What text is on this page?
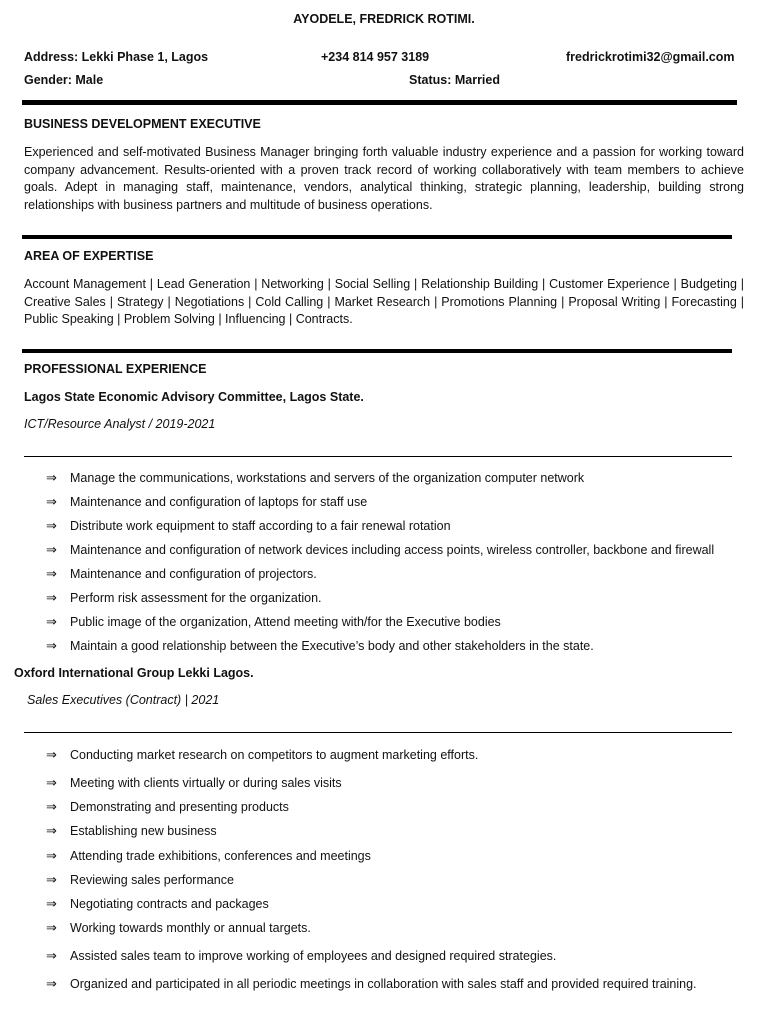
AYODELE, FREDRICK ROTIMI.
Address: Lekki Phase 1, Lagos	+234 814 957 3189	fredrickrotimi32@gmail.com
Gender: Male	Status: Married
BUSINESS DEVELOPMENT EXECUTIVE
Experienced and self-motivated Business Manager bringing forth valuable industry experience and a passion for working toward company advancement. Results-oriented with a proven track record of working collaboratively with team members to achieve goals. Adept in managing staff, maintenance, vendors, analytical thinking, strategic planning, leadership, building strong relationships with business partners and multitude of business operations.
AREA OF EXPERTISE
Account Management | Lead Generation | Networking | Social Selling | Relationship Building | Customer Experience | Budgeting | Creative Sales | Strategy | Negotiations | Cold Calling | Market Research | Promotions Planning | Proposal Writing | Forecasting | Public Speaking | Problem Solving | Influencing | Contracts.
PROFESSIONAL EXPERIENCE
Lagos State Economic Advisory Committee, Lagos State.
ICT/Resource Analyst / 2019-2021
⇒	Manage the communications, workstations and servers of the organization computer network
⇒	Maintenance and configuration of laptops for staff use
⇒	Distribute work equipment to staff according to a fair renewal rotation
⇒	Maintenance and configuration of network devices including access points, wireless controller, backbone and firewall
⇒	Maintenance and configuration of projectors.
⇒	Perform risk assessment for the organization.
⇒	Public image of the organization, Attend meeting with/for the Executive bodies
⇒	Maintain a good relationship between the Executive’s body and other stakeholders in the state.
Oxford International Group Lekki Lagos.
Sales Executives (Contract) | 2021
⇒	Conducting market research on competitors to augment marketing efforts.
⇒	Meeting with clients virtually or during sales visits
⇒	Demonstrating and presenting products
⇒	Establishing new business
⇒	Attending trade exhibitions, conferences and meetings
⇒	Reviewing sales performance
⇒	Negotiating contracts and packages
⇒	Working towards monthly or annual targets.
⇒	Assisted sales team to improve working of employees and designed required strategies.
⇒	Organized and participated in all periodic meetings in collaboration with sales staff and provided required training.
